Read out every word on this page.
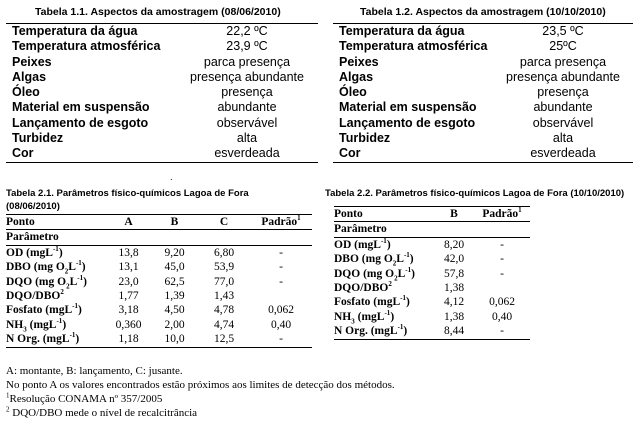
Tabela 1.1. Aspectos da amostragem (08/06/2010)
Temperatura da água	22,2 ºC
Temperatura atmosférica	23,9 ºC
Peixes	parca presença
Algas	presença abundante
Óleo	presença
Material em suspensão	abundante
Lançamento de esgoto	observável
Turbidez	alta
Cor	esverdeada
Tabela 1.2. Aspectos da amostragem (10/10/2010)
Temperatura da água	23,5 ºC
Temperatura atmosférica	25ºC
Peixes	parca presença
Algas	presença abundante
Óleo	presença
Material em suspensão	abundante
Lançamento de esgoto	observável
Turbidez	alta
Cor	esverdeada
Tabela 2.1. Parâmetros físico-químicos Lagoa de Fora
(08/06/2010)
.
Ponto	A	B	C	Padrão$^1$
Parâmetro				
OD (mgL$^{-1}$)	13,8	9,20	6,80	-
DBO (mg $O_2L^{-1}$)	13,1	45,0	53,9	-
DQO (mg $O_2L^{-1}$)	23,0	62,5	77,0	-
DQO/DBO$^2$	1,77	1,39	1,43	
Fosfato (mgL$^{-1}$)	3,18	4,50	4,78	0,062
$NH_3$ (mgL$^{-1}$)	0,360	2,00	4,74	0,40
N Org. (mgL$^{-1}$)	1,18	10,0	12,5	-
Tabela 2.2. Parâmetros físico-químicos Lagoa de Fora (10/10/2010)
Ponto	B	Padrão$^1$
Parâmetro		
OD (mgL$^{-1}$)	8,20	-
DBO (mg $O_2L^{-1}$)	42,0	-
DQO (mg $O_2L^{-1}$)	57,8	-
DQO/DBO$^2$	1,38	
Fosfato (mgL$^{-1}$)	4,12	0,062
$NH_3$ (mgL$^{-1}$)	1,38	0,40
N Org. (mgL$^{-1}$)	8,44	-
A: montante, B: lançamento, C: jusante.
No ponto A os valores encontrados estão próximos aos limites de detecção dos métodos.
$^1$Resolução CONAMA nº 357/2005
$^2$ DQO/DBO mede o nível de recalcitrância
